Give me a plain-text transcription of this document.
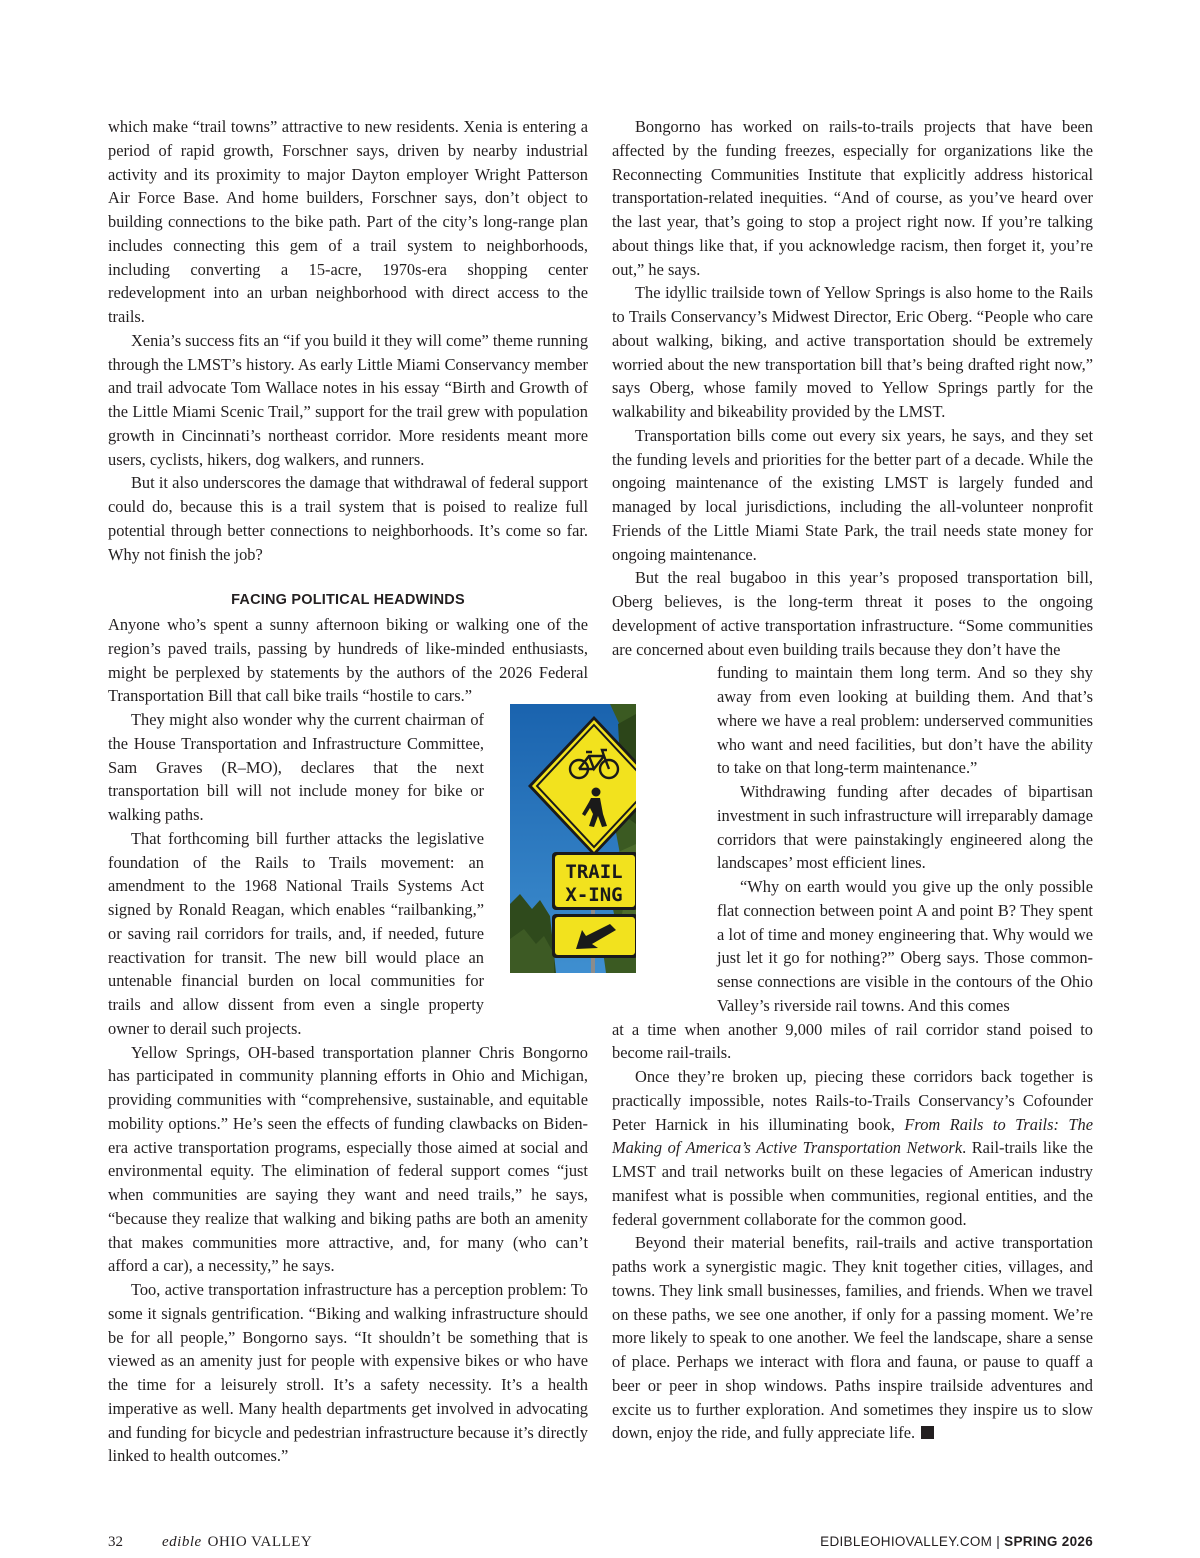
which make “trail towns” attractive to new residents. Xenia is entering a period of rapid growth, Forschner says, driven by nearby industrial activity and its proximity to major Dayton employer Wright Patterson Air Force Base. And home builders, Forschner says, don’t object to building connections to the bike path. Part of the city’s long-range plan includes connecting this gem of a trail system to neighborhoods, including converting a 15-acre, 1970s-era shopping center redevelopment into an urban neighborhood with direct access to the trails.

Xenia’s success fits an “if you build it they will come” theme running through the LMST’s history. As early Little Miami Conservancy member and trail advocate Tom Wallace notes in his essay “Birth and Growth of the Little Miami Scenic Trail,” support for the trail grew with population growth in Cincinnati’s northeast corridor. More residents meant more users, cyclists, hikers, dog walkers, and runners.

But it also underscores the damage that withdrawal of federal support could do, because this is a trail system that is poised to realize full potential through better connections to neighborhoods. It’s come so far. Why not finish the job?

FACING POLITICAL HEADWINDS

Anyone who’s spent a sunny afternoon biking or walking one of the region’s paved trails, passing by hundreds of like-minded enthusiasts, might be perplexed by statements by the authors of the 2026 Federal Transportation Bill that call bike trails “hostile to cars.”

They might also wonder why the current chairman of the House Transportation and Infrastructure Committee, Sam Graves (R–MO), declares that the next transportation bill will not include money for bike or walking paths.

That forthcoming bill further attacks the legislative foundation of the Rails to Trails movement: an amendment to the 1968 National Trails Systems Act signed by Ronald Reagan, which enables “railbanking,” or saving rail corridors for trails, and, if needed, future reactivation for transit. The new bill would place an untenable financial burden on local communities for trails and allow dissent from even a single property owner to derail such projects.

Yellow Springs, OH-based transportation planner Chris Bongorno has participated in community planning efforts in Ohio and Michigan, providing communities with “comprehensive, sustainable, and equitable mobility options.” He’s seen the effects of funding clawbacks on Biden-era active transportation programs, especially those aimed at social and environmental equity. The elimination of federal support comes “just when communities are saying they want and need trails,” he says, “because they realize that walking and biking paths are both an amenity that makes communities more attractive, and, for many (who can’t afford a car), a necessity,” he says.

Too, active transportation infrastructure has a perception problem: To some it signals gentrification. “Biking and walking infrastructure should be for all people,” Bongorno says. “It shouldn’t be something that is viewed as an amenity just for people with expensive bikes or who have the time for a leisurely stroll. It’s a safety necessity. It’s a health imperative as well. Many health departments get involved in advocating and funding for bicycle and pedestrian infrastructure because it’s directly linked to health outcomes.”

Bongorno has worked on rails-to-trails projects that have been affected by the funding freezes, especially for organizations like the Reconnecting Communities Institute that explicitly address historical transportation-related inequities. “And of course, as you’ve heard over the last year, that’s going to stop a project right now. If you’re talking about things like that, if you acknowledge racism, then forget it, you’re out,” he says.

The idyllic trailside town of Yellow Springs is also home to the Rails to Trails Conservancy’s Midwest Director, Eric Oberg. “People who care about walking, biking, and active transportation should be extremely worried about the new transportation bill that’s being drafted right now,” says Oberg, whose family moved to Yellow Springs partly for the walkability and bikeability provided by the LMST.

Transportation bills come out every six years, he says, and they set the funding levels and priorities for the better part of a decade. While the ongoing maintenance of the existing LMST is largely funded and managed by local jurisdictions, including the all-volunteer nonprofit Friends of the Little Miami State Park, the trail needs state money for ongoing maintenance.

But the real bugaboo in this year’s proposed transportation bill, Oberg believes, is the long-term threat it poses to the ongoing development of active transportation infrastructure. “Some communities are concerned about even building trails because they don’t have the

funding to maintain them long term. And so they shy away from even looking at building them. And that’s where we have a real problem: underserved communities who want and need facilities, but don’t have the ability to take on that long-term maintenance.”

Withdrawing funding after decades of bipartisan investment in such infrastructure will irreparably damage corridors that were painstakingly engineered along the landscapes’ most efficient lines.

“Why on earth would you give up the only possible flat connection between point A and point B? They spent a lot of time and money engineering that. Why would we just let it go for nothing?” Oberg says. Those common-sense connections are visible in the contours of the Ohio Valley’s riverside rail towns. And this comes

at a time when another 9,000 miles of rail corridor stand poised to become rail-trails.

Once they’re broken up, piecing these corridors back together is practically impossible, notes Rails-to-Trails Conservancy’s Cofounder Peter Harnick in his illuminating book, From Rails to Trails: The Making of America’s Active Transportation Network. Rail-trails like the LMST and trail networks built on these legacies of American industry manifest what is possible when communities, regional entities, and the federal government collaborate for the common good.

Beyond their material benefits, rail-trails and active transportation paths work a synergistic magic. They knit together cities, villages, and towns. They link small businesses, families, and friends. When we travel on these paths, we see one another, if only for a passing moment. We’re more likely to speak to one another. We feel the landscape, share a sense of place. Perhaps we interact with flora and fauna, or pause to quaff a beer or peer in shop windows. Paths inspire trailside adventures and excite us to further exploration. And sometimes they inspire us to slow down, enjoy the ride, and fully appreciate life.

TRAIL
X-ING
32	edible OHIO VALLEY	EDIBLEOHIOVALLEY.COM | SPRING 2026
